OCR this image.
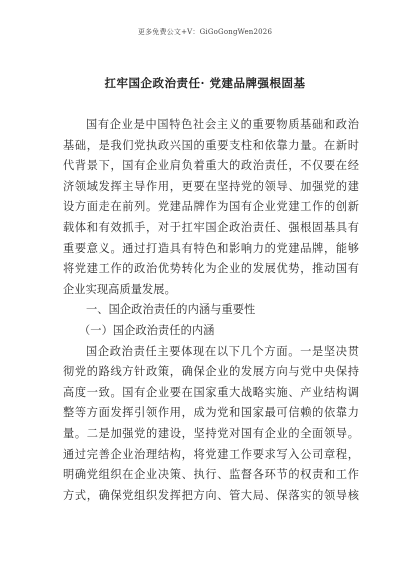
更多免费公文+V：GiGoGongWen2026
扛牢国企政治责任· 党建品牌强根固基
国有企业是中国特色社会主义的重要物质基础和政治
基础，是我们党执政兴国的重要支柱和依靠力量。在新时
代背景下，国有企业肩负着重大的政治责任，不仅要在经
济领域发挥主导作用，更要在坚持党的领导、加强党的建
设方面走在前列。党建品牌作为国有企业党建工作的创新
载体和有效抓手，对于扛牢国企政治责任、强根固基具有
重要意义。通过打造具有特色和影响力的党建品牌，能够
将党建工作的政治优势转化为企业的发展优势，推动国有
企业实现高质量发展。
一、国企政治责任的内涵与重要性
（一）国企政治责任的内涵
国企政治责任主要体现在以下几个方面。一是坚决贯
彻党的路线方针政策，确保企业的发展方向与党中央保持
高度一致。国有企业要在国家重大战略实施、产业结构调
整等方面发挥引领作用，成为党和国家最可信赖的依靠力
量。二是加强党的建设，坚持党对国有企业的全面领导。
通过完善企业治理结构，将党建工作要求写入公司章程，
明确党组织在企业决策、执行、监督各环节的权责和工作
方式，确保党组织发挥把方向、管大局、保落实的领导核
